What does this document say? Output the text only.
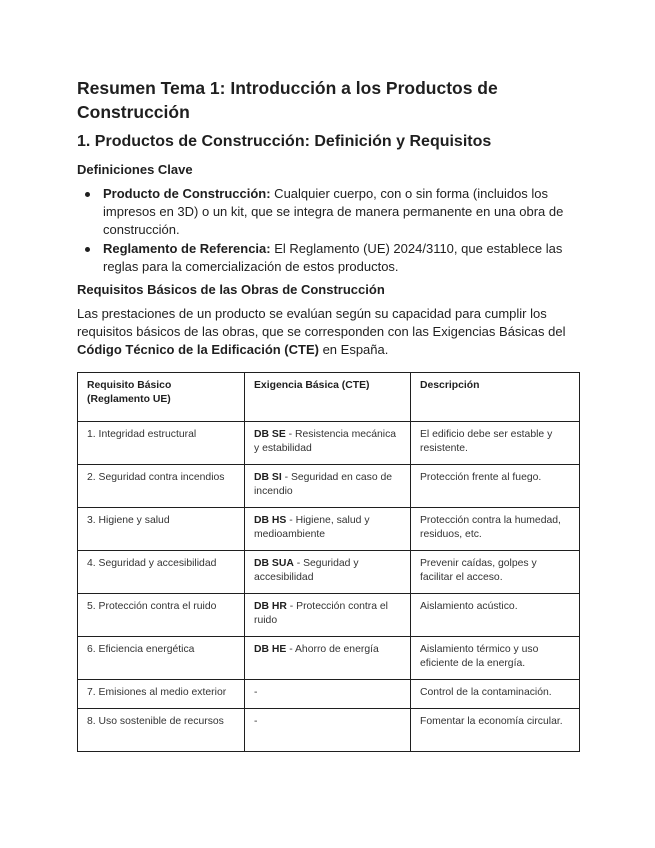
Resumen Tema 1: Introducción a los Productos de Construcción
1. Productos de Construcción: Definición y Requisitos
Definiciones Clave
Producto de Construcción: Cualquier cuerpo, con o sin forma (incluidos los impresos en 3D) o un kit, que se integra de manera permanente en una obra de construcción.
Reglamento de Referencia: El Reglamento (UE) 2024/3110, que establece las reglas para la comercialización de estos productos.
Requisitos Básicos de las Obras de Construcción

Las prestaciones de un producto se evalúan según su capacidad para cumplir los requisitos básicos de las obras, que se corresponden con las Exigencias Básicas del Código Técnico de la Edificación (CTE) en España.

Requisito Básico (Reglamento UE)	Exigencia Básica (CTE)	Descripción
1. Integridad estructural	DB SE - Resistencia mecánica y estabilidad	El edificio debe ser estable y resistente.
2. Seguridad contra incendios	DB SI - Seguridad en caso de incendio	Protección frente al fuego.
3. Higiene y salud	DB HS - Higiene, salud y medioambiente	Protección contra la humedad, residuos, etc.
4. Seguridad y accesibilidad	DB SUA - Seguridad y accesibilidad	Prevenir caídas, golpes y facilitar el acceso.
5. Protección contra el ruido	DB HR - Protección contra el ruido	Aislamiento acústico.
6. Eficiencia energética	DB HE - Ahorro de energía	Aislamiento térmico y uso eficiente de la energía.
7. Emisiones al medio exterior	-	Control de la contaminación.
8. Uso sostenible de recursos	-	Fomentar la economía circular.
